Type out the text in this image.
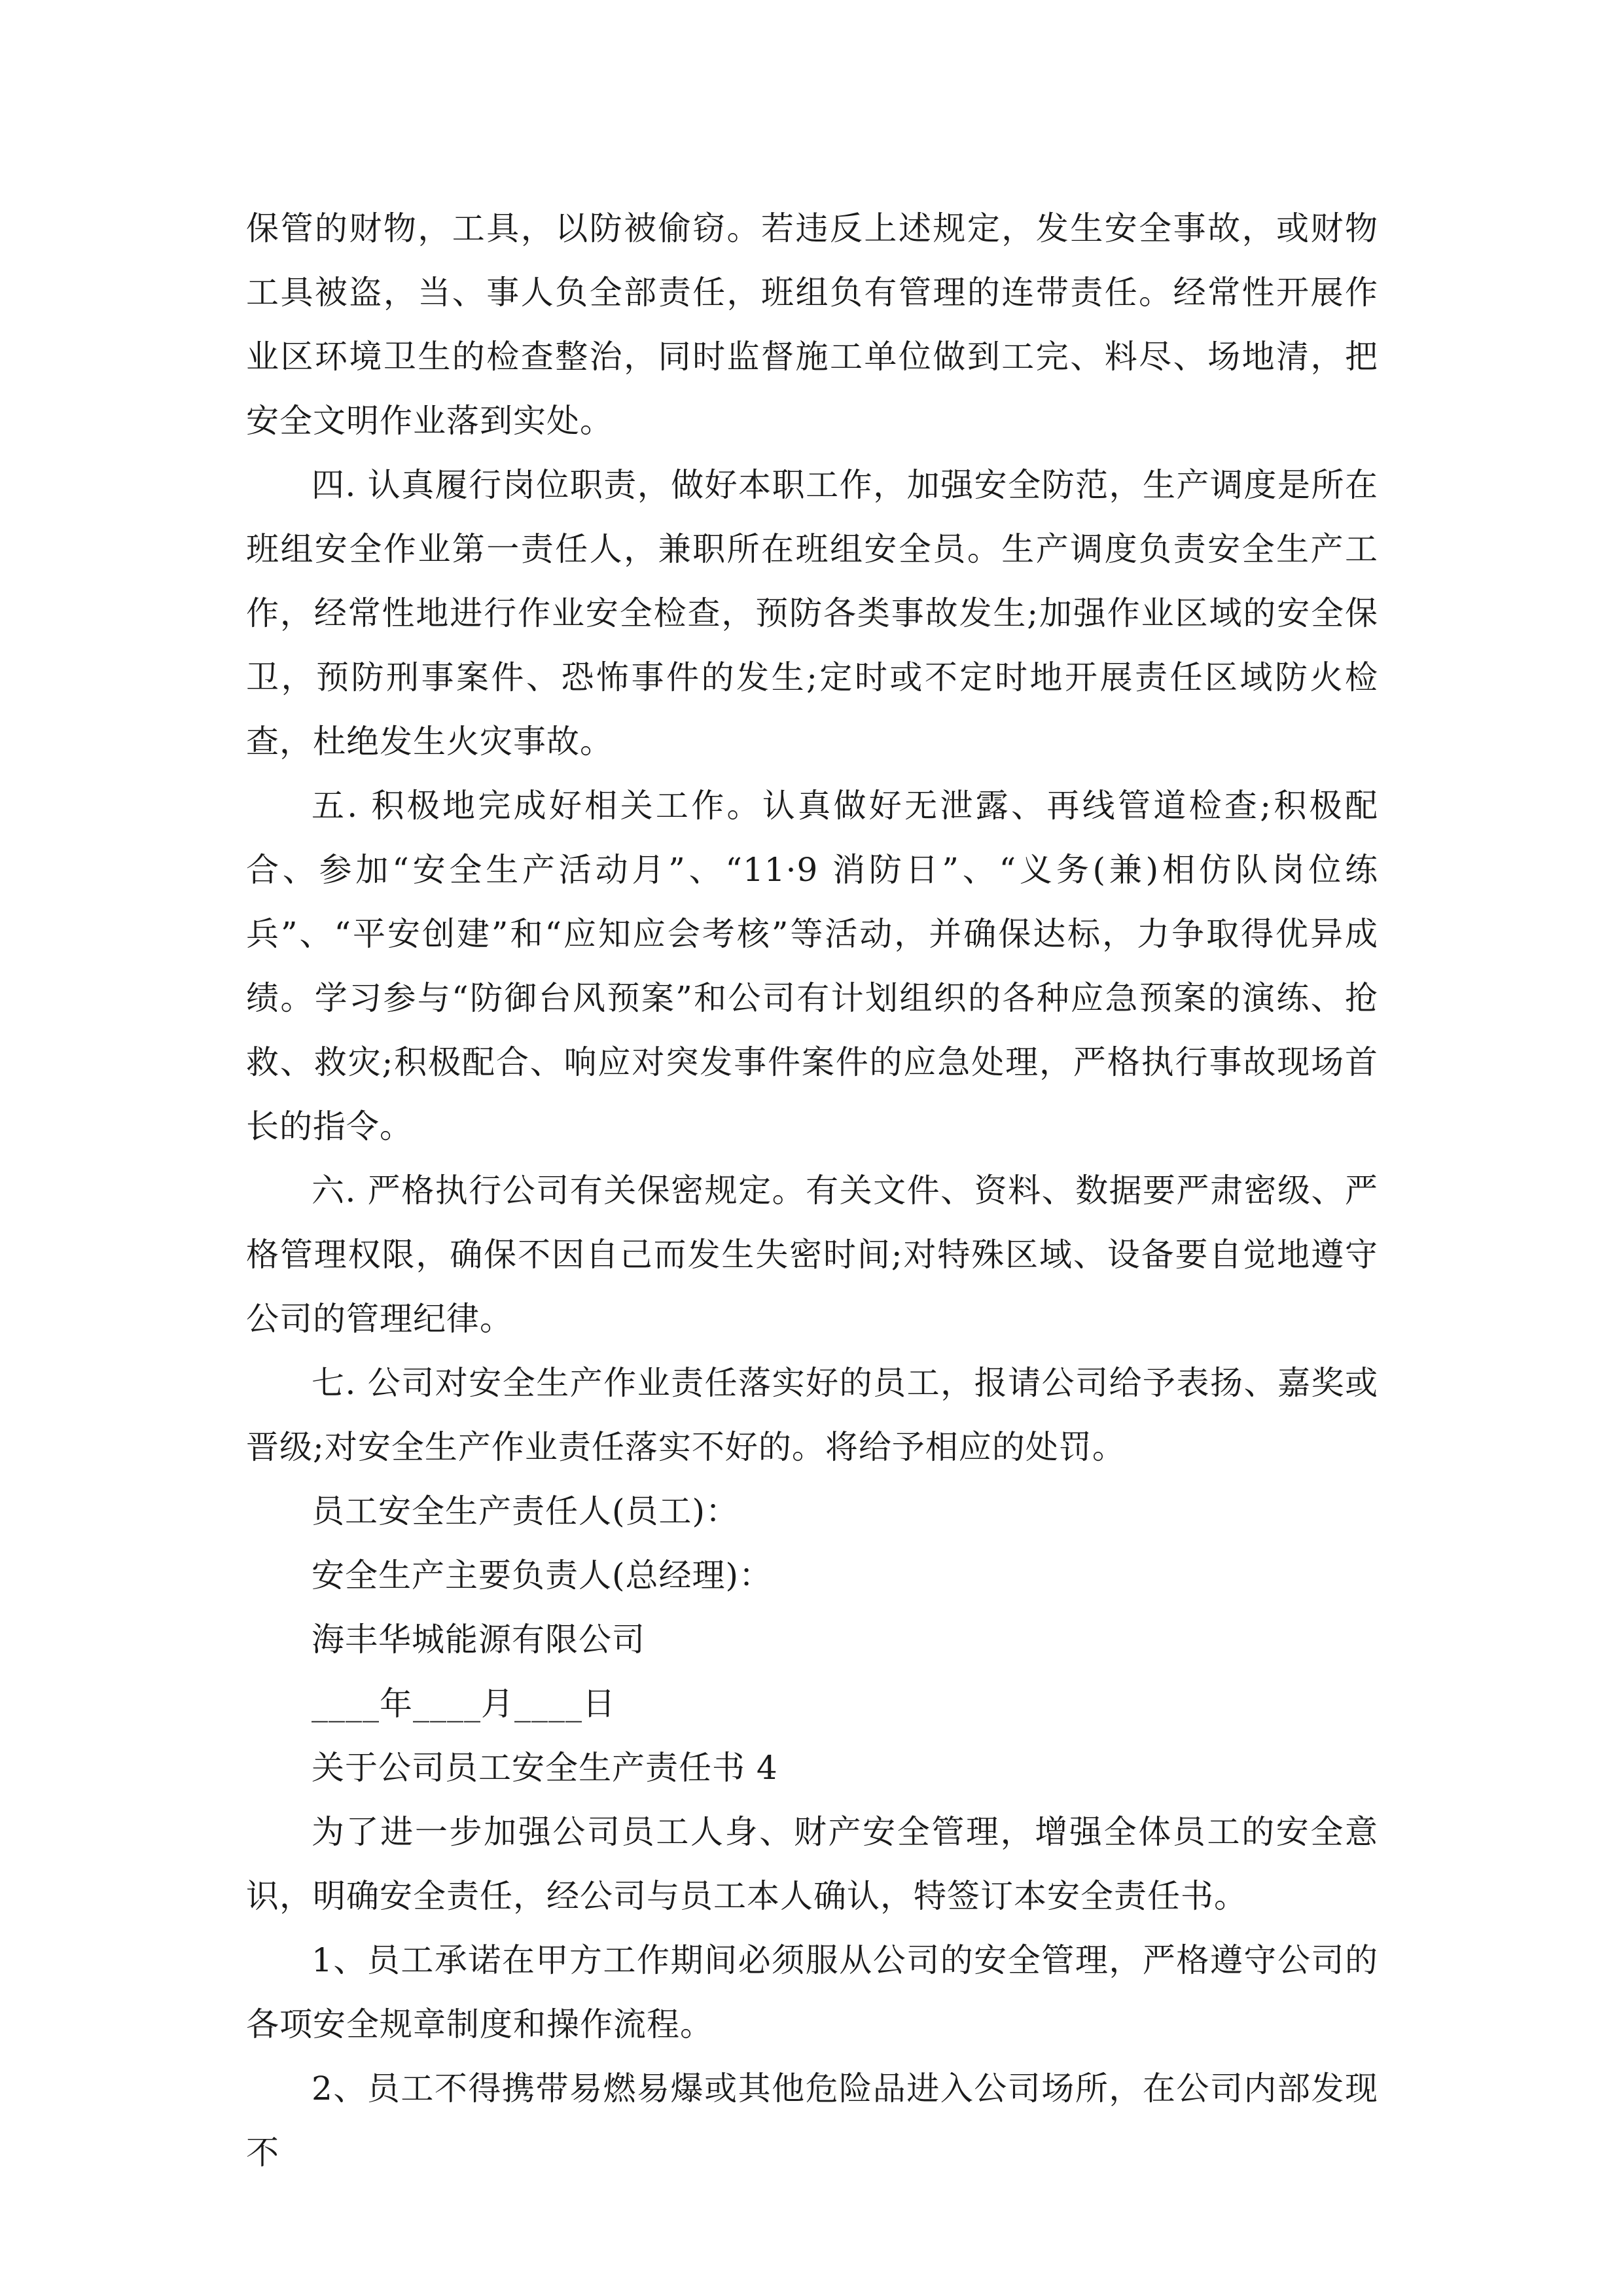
保管的财物，工具，以防被偷窃。若违反上述规定，发生安全事故，或财物工具被盗，当、事人负全部责任，班组负有管理的连带责任。经常性开展作业区环境卫生的检查整治，同时监督施工单位做到工完、料尽、场地清，把安全文明作业落到实处。

四. 认真履行岗位职责，做好本职工作，加强安全防范，生产调度是所在班组安全作业第一责任人，兼职所在班组安全员。生产调度负责安全生产工作，经常性地进行作业安全检查，预防各类事故发生;加强作业区域的安全保卫，预防刑事案件、恐怖事件的发生;定时或不定时地开展责任区域防火检查，杜绝发生火灾事故。

五. 积极地完成好相关工作。认真做好无泄露、再线管道检查;积极配合、参加“安全生产活动月”、“11·9 消防日”、“义务(兼)相仿队岗位练兵”、“平安创建”和“应知应会考核”等活动，并确保达标，力争取得优异成绩。学习参与“防御台风预案”和公司有计划组织的各种应急预案的演练、抢救、救灾;积极配合、响应对突发事件案件的应急处理，严格执行事故现场首长的指令。

六. 严格执行公司有关保密规定。有关文件、资料、数据要严肃密级、严格管理权限，确保不因自己而发生失密时间;对特殊区域、设备要自觉地遵守公司的管理纪律。

七. 公司对安全生产作业责任落实好的员工，报请公司给予表扬、嘉奖或晋级;对安全生产作业责任落实不好的。将给予相应的处罚。

员工安全生产责任人(员工)：

安全生产主要负责人(总经理)：

海丰华城能源有限公司

____年____月____日

关于公司员工安全生产责任书 4

为了进一步加强公司员工人身、财产安全管理，增强全体员工的安全意识，明确安全责任，经公司与员工本人确认，特签订本安全责任书。

1、员工承诺在甲方工作期间必须服从公司的安全管理，严格遵守公司的各项安全规章制度和操作流程。

2、员工不得携带易燃易爆或其他危险品进入公司场所，在公司内部发现不
